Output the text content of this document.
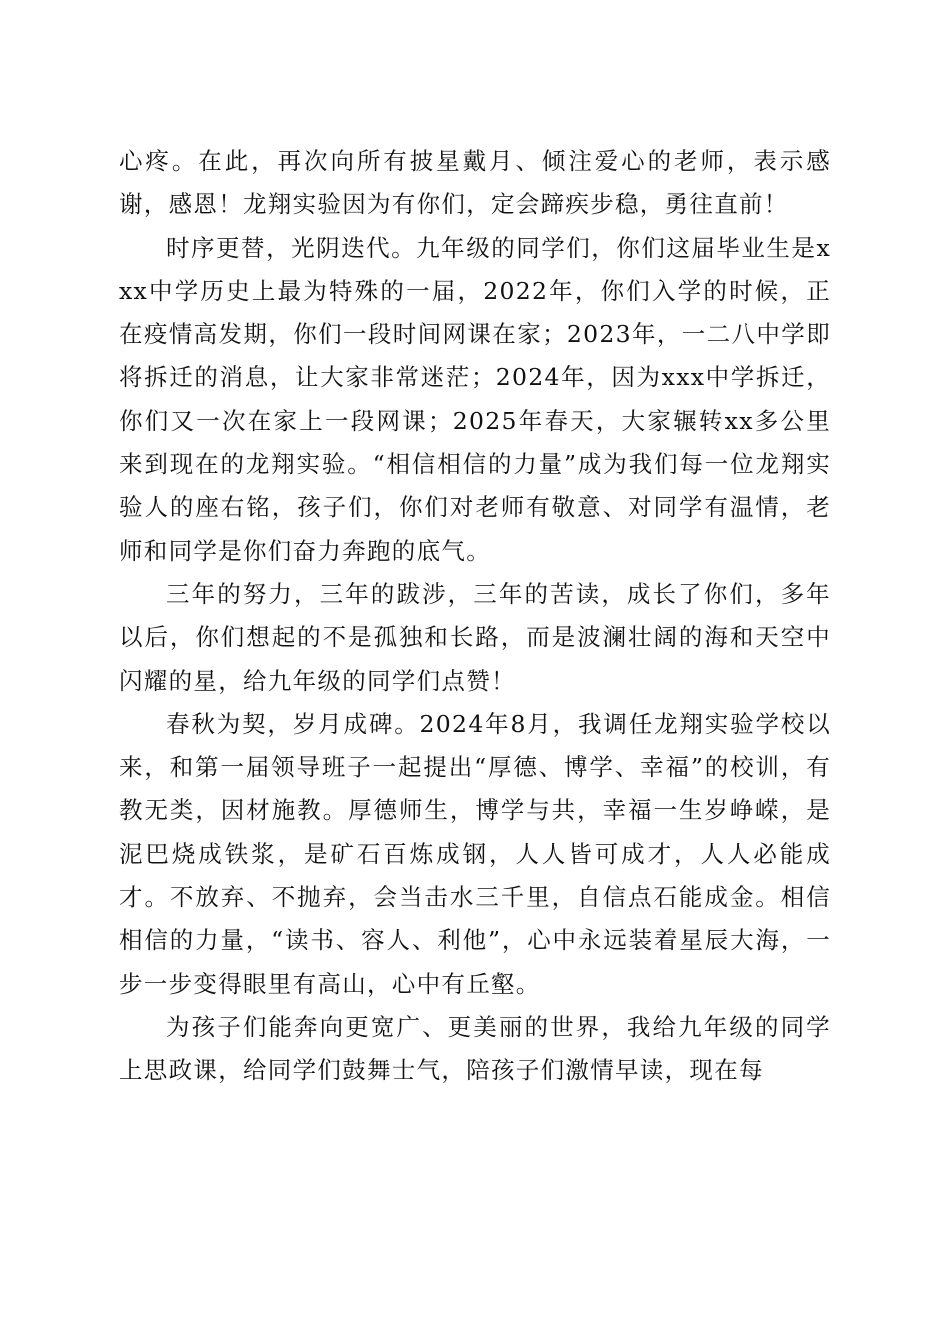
心疼。在此，再次向所有披星戴月、倾注爱心的老师，表示感谢，感恩！龙翔实验因为有你们，定会蹄疾步稳，勇往直前！

时序更替，光阴迭代。九年级的同学们，你们这届毕业生是xxx中学历史上最为特殊的一届，2022年，你们入学的时候，正在疫情高发期，你们一段时间网课在家；2023年，一二八中学即将拆迁的消息，让大家非常迷茫；2024年，因为xxx中学拆迁，你们又一次在家上一段网课；2025年春天，大家辗转xx多公里来到现在的龙翔实验。“相信相信的力量”成为我们每一位龙翔实验人的座右铭，孩子们，你们对老师有敬意、对同学有温情，老师和同学是你们奋力奔跑的底气。

三年的努力，三年的跋涉，三年的苦读，成长了你们，多年以后，你们想起的不是孤独和长路，而是波澜壮阔的海和天空中闪耀的星，给九年级的同学们点赞！

春秋为契，岁月成碑。2024年8月，我调任龙翔实验学校以来，和第一届领导班子一起提出“厚德、博学、幸福”的校训，有教无类，因材施教。厚德师生，博学与共，幸福一生岁峥嵘，是泥巴烧成铁浆，是矿石百炼成钢，人人皆可成才，人人必能成才。不放弃、不抛弃，会当击水三千里，自信点石能成金。相信相信的力量，“读书、容人、利他”，心中永远装着星辰大海，一步一步变得眼里有高山，心中有丘壑。

为孩子们能奔向更宽广、更美丽的世界，我给九年级的同学上思政课，给同学们鼓舞士气，陪孩子们激情早读，现在每
